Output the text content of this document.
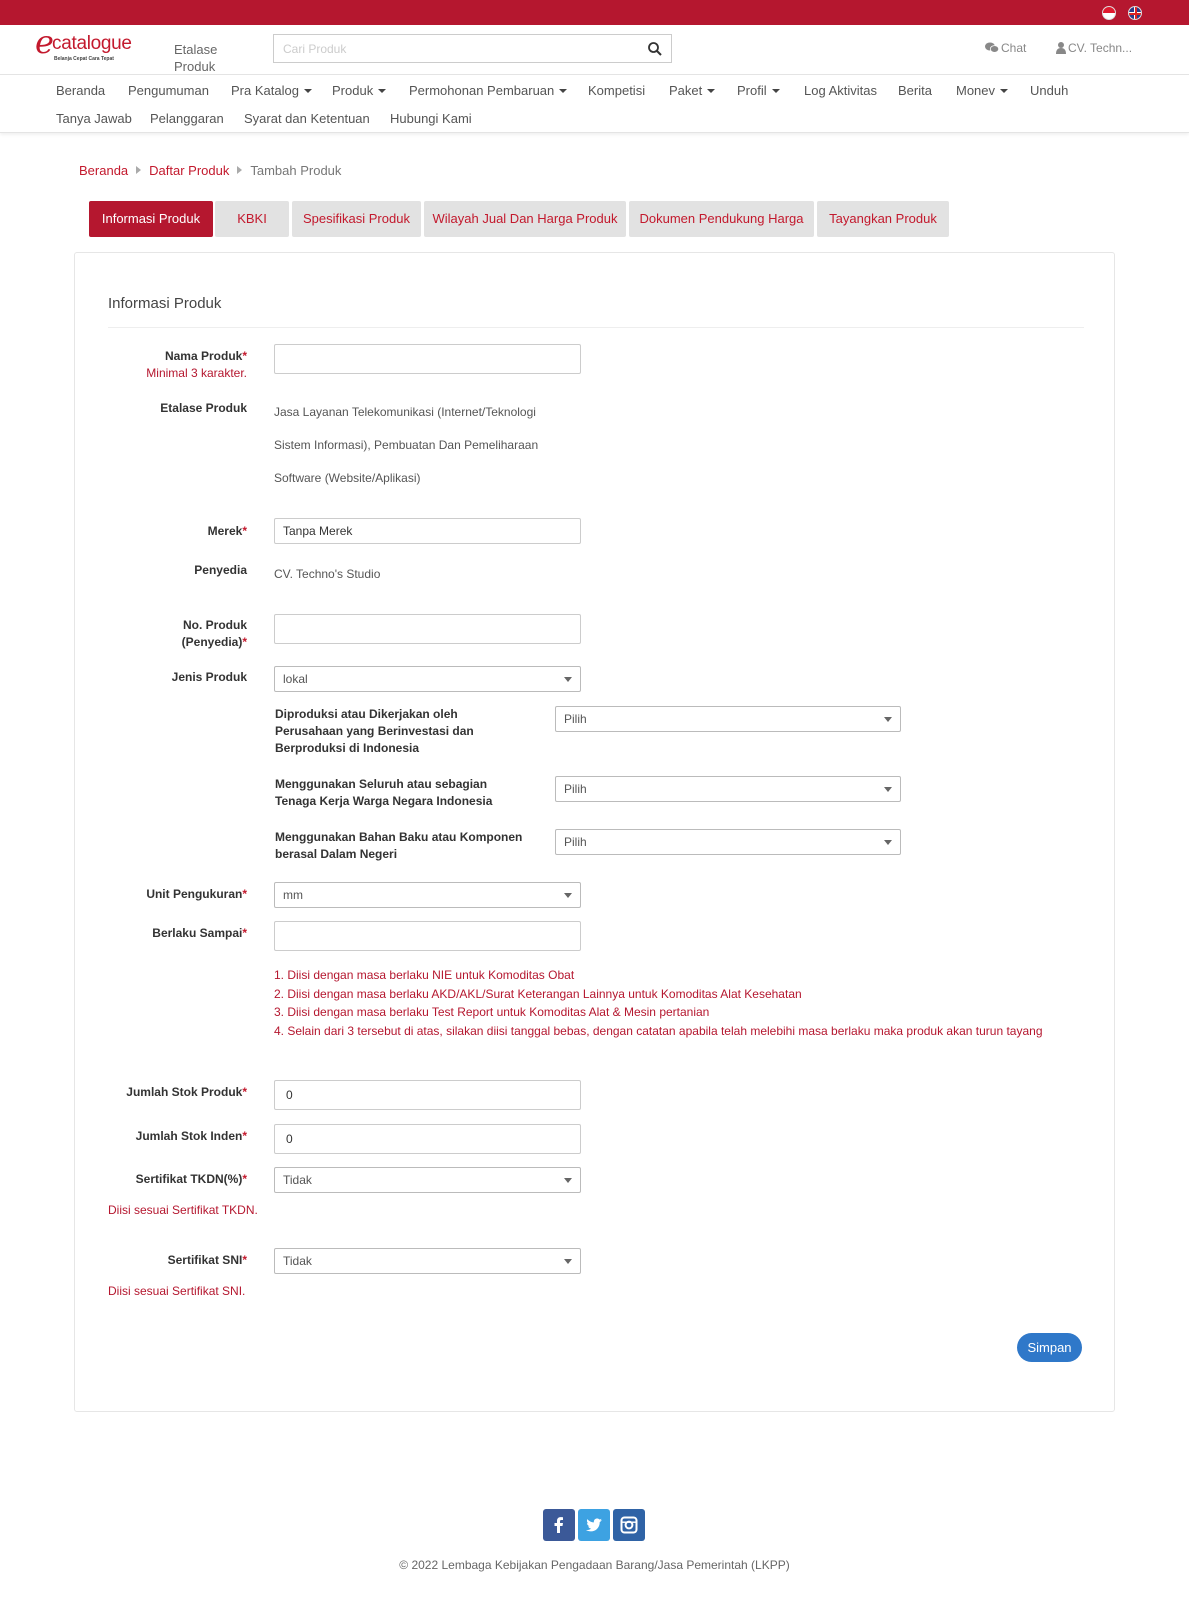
e
catalogue
Belanja Cepat Cara Tepat
Etalase Produk
Cari Produk
Chat	CV. Techn...
Beranda Pengumuman Pra Katalog	Produk	Permohonan Pembaruan	Kompetisi Paket	Profil	Log Aktivitas Berita Monev	Unduh
Tanya Jawab Pelanggaran Syarat dan Ketentuan Hubungi Kami
Beranda Daftar Produk Tambah Produk
Informasi Produk	KBKI	Spesifikasi Produk	Wilayah Jual Dan Harga Produk	Dokumen Pendukung Harga	Tayangkan Produk
Informasi Produk
Nama Produk*
Minimal 3 karakter.
Etalase Produk Jasa Layanan Telekomunikasi (Internet/Teknologi
Sistem Informasi), Pembuatan Dan Pemeliharaan
Software (Website/Aplikasi)
Merek*
Tanpa Merek
Penyedia CV. Techno's Studio
No. Produk
(Penyedia)*
Jenis Produk	lokal
Diproduksi atau Dikerjakan oleh Perusahaan yang Berinvestasi dan Berproduksi di Indonesia
Pilih
Menggunakan Seluruh atau sebagian Tenaga Kerja Warga Negara Indonesia
Pilih
Menggunakan Bahan Baku atau Komponen berasal Dalam Negeri
Pilih
Unit Pengukuran*	mm
Berlaku Sampai*
1. Diisi dengan masa berlaku NIE untuk Komoditas Obat
2. Diisi dengan masa berlaku AKD/AKL/Surat Keterangan Lainnya untuk Komoditas Alat Kesehatan
3. Diisi dengan masa berlaku Test Report untuk Komoditas Alat & Mesin pertanian
4. Selain dari 3 tersebut di atas, silakan diisi tanggal bebas, dengan catatan apabila telah melebihi masa berlaku maka produk akan turun tayang
Jumlah Stok Produk*
0
Jumlah Stok Inden*
0
Sertifikat TKDN(%)*	Tidak
Diisi sesuai Sertifikat TKDN.
Sertifikat SNI*	Tidak
Diisi sesuai Sertifikat SNI.
Simpan
© 2022 Lembaga Kebijakan Pengadaan Barang/Jasa Pemerintah (LKPP)
